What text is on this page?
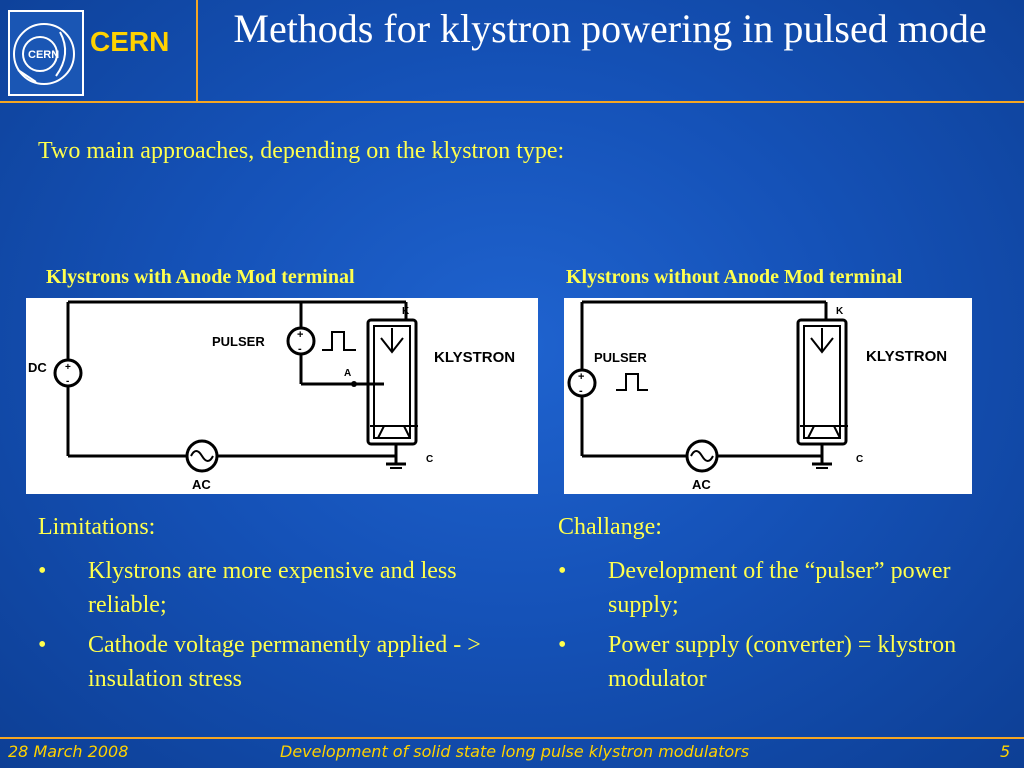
CERN CERN	Methods for klystron powering in pulsed mode
Two main approaches, depending on the klystron type:
Klystrons with Anode Mod terminal	Klystrons without Anode Mod terminal
+
-
PULSER
+
-
DC
AC
K
A
C
KLYSTRON
+
-
PULSER
AC
K
C
KLYSTRON
Limitations:
• Klystrons are more expensive and less reliable;
• Cathode voltage permanently applied - > insulation stress
Challange:
• Development of the “pulser” power supply;
• Power supply (converter) = klystron modulator
28 March 2008	Development of solid state long pulse klystron modulators	5
